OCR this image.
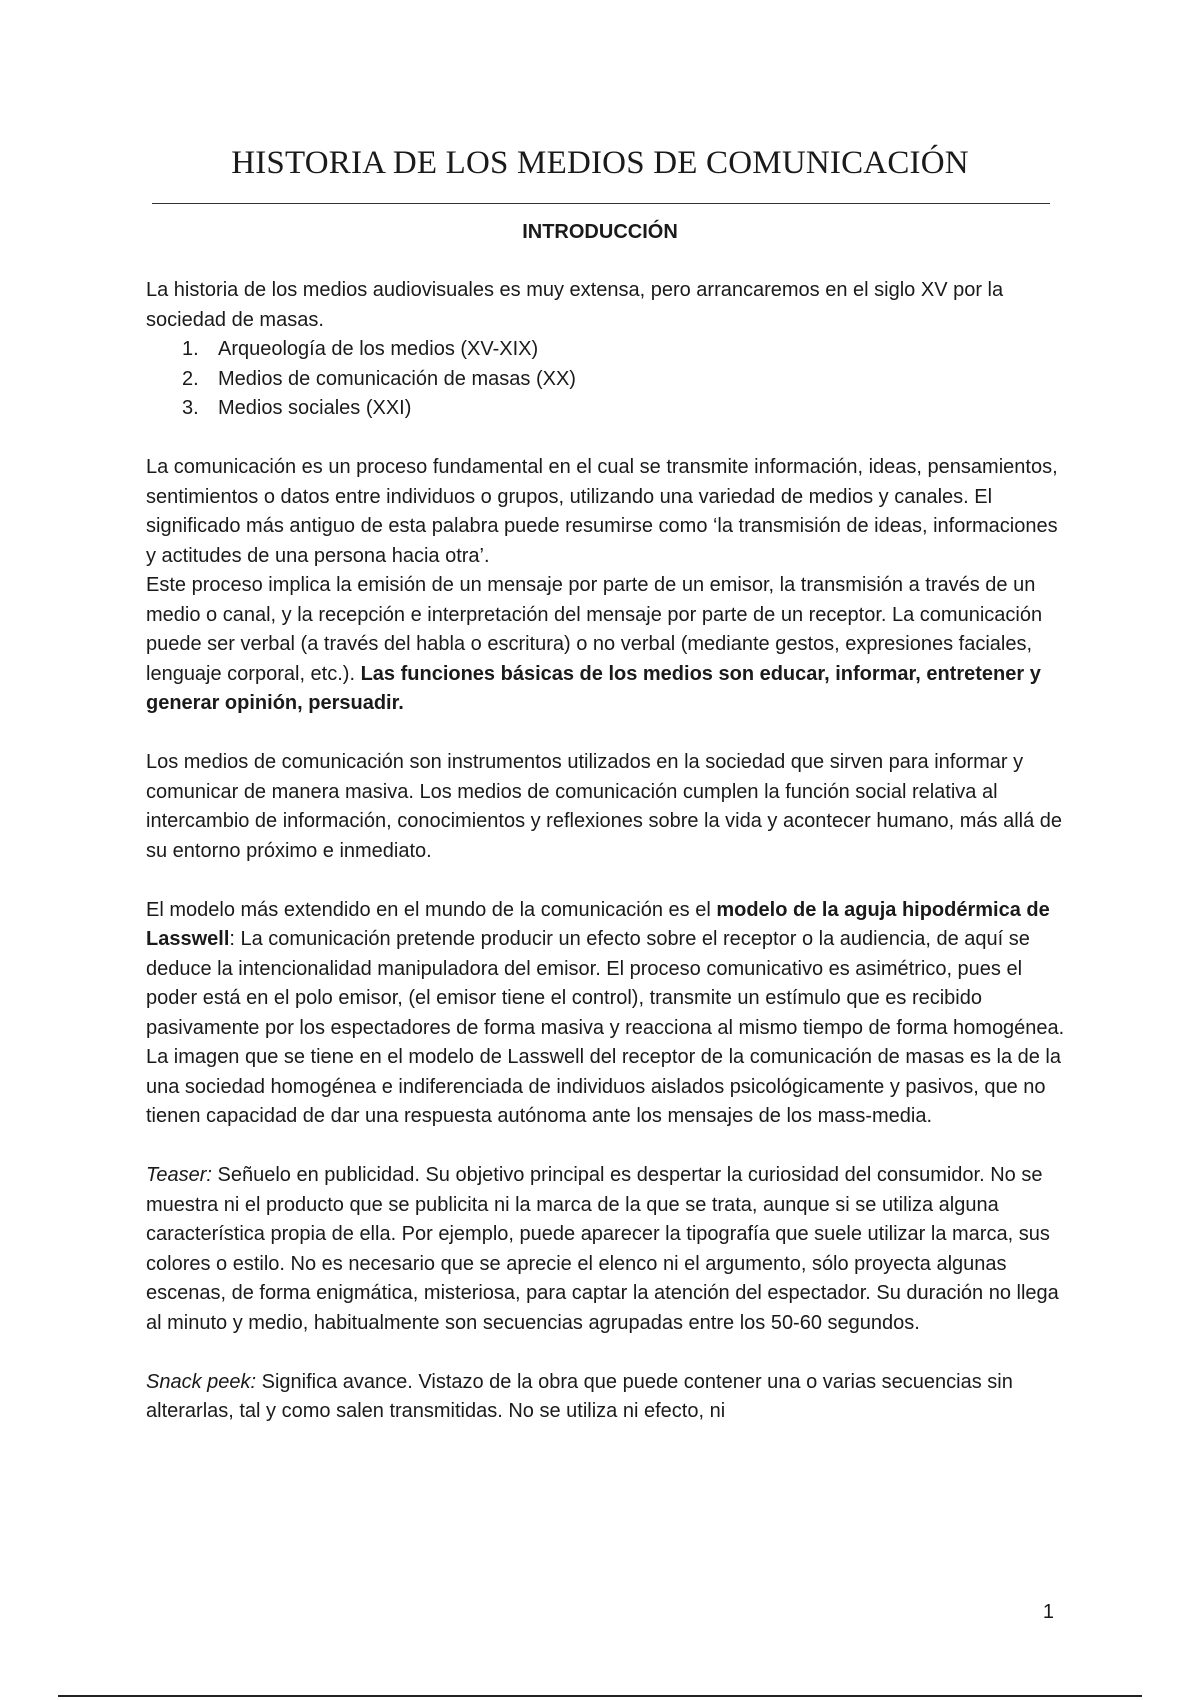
HISTORIA DE LOS MEDIOS DE COMUNICACIÓN
INTRODUCCIÓN

La historia de los medios audiovisuales es muy extensa, pero arrancaremos en el siglo XV por la sociedad de masas.

1. Arqueología de los medios (XV-XIX)
2. Medios de comunicación de masas (XX)
3. Medios sociales (XXI)

La comunicación es un proceso fundamental en el cual se transmite información, ideas, pensamientos, sentimientos o datos entre individuos o grupos, utilizando una variedad de medios y canales. El significado más antiguo de esta palabra puede resumirse como ‘la transmisión de ideas, informaciones y actitudes de una persona hacia otra’.

Este proceso implica la emisión de un mensaje por parte de un emisor, la transmisión a través de un medio o canal, y la recepción e interpretación del mensaje por parte de un receptor. La comunicación puede ser verbal (a través del habla o escritura) o no verbal (mediante gestos, expresiones faciales, lenguaje corporal, etc.). Las funciones básicas de los medios son educar, informar, entretener y generar opinión, persuadir.

Los medios de comunicación son instrumentos utilizados en la sociedad que sirven para informar y comunicar de manera masiva. Los medios de comunicación cumplen la función social relativa al intercambio de información, conocimientos y reflexiones sobre la vida y acontecer humano, más allá de su entorno próximo e inmediato.

El modelo más extendido en el mundo de la comunicación es el modelo de la aguja hipodérmica de Lasswell: La comunicación pretende producir un efecto sobre el receptor o la audiencia, de aquí se deduce la intencionalidad manipuladora del emisor. El proceso comunicativo es asimétrico, pues el poder está en el polo emisor, (el emisor tiene el control), transmite un estímulo que es recibido pasivamente por los espectadores de forma masiva y reacciona al mismo tiempo de forma homogénea.

La imagen que se tiene en el modelo de Lasswell del receptor de la comunicación de masas es la de la una sociedad homogénea e indiferenciada de individuos aislados psicológicamente y pasivos, que no tienen capacidad de dar una respuesta autónoma ante los mensajes de los mass-media.

Teaser: Señuelo en publicidad. Su objetivo principal es despertar la curiosidad del consumidor. No se muestra ni el producto que se publicita ni la marca de la que se trata, aunque si se utiliza alguna característica propia de ella. Por ejemplo, puede aparecer la tipografía que suele utilizar la marca, sus colores o estilo. No es necesario que se aprecie el elenco ni el argumento, sólo proyecta algunas escenas, de forma enigmática, misteriosa, para captar la atención del espectador. Su duración no llega al minuto y medio, habitualmente son secuencias agrupadas entre los 50-60 segundos.

Snack peek: Significa avance. Vistazo de la obra que puede contener una o varias secuencias sin alterarlas, tal y como salen transmitidas. No se utiliza ni efecto, ni

1
